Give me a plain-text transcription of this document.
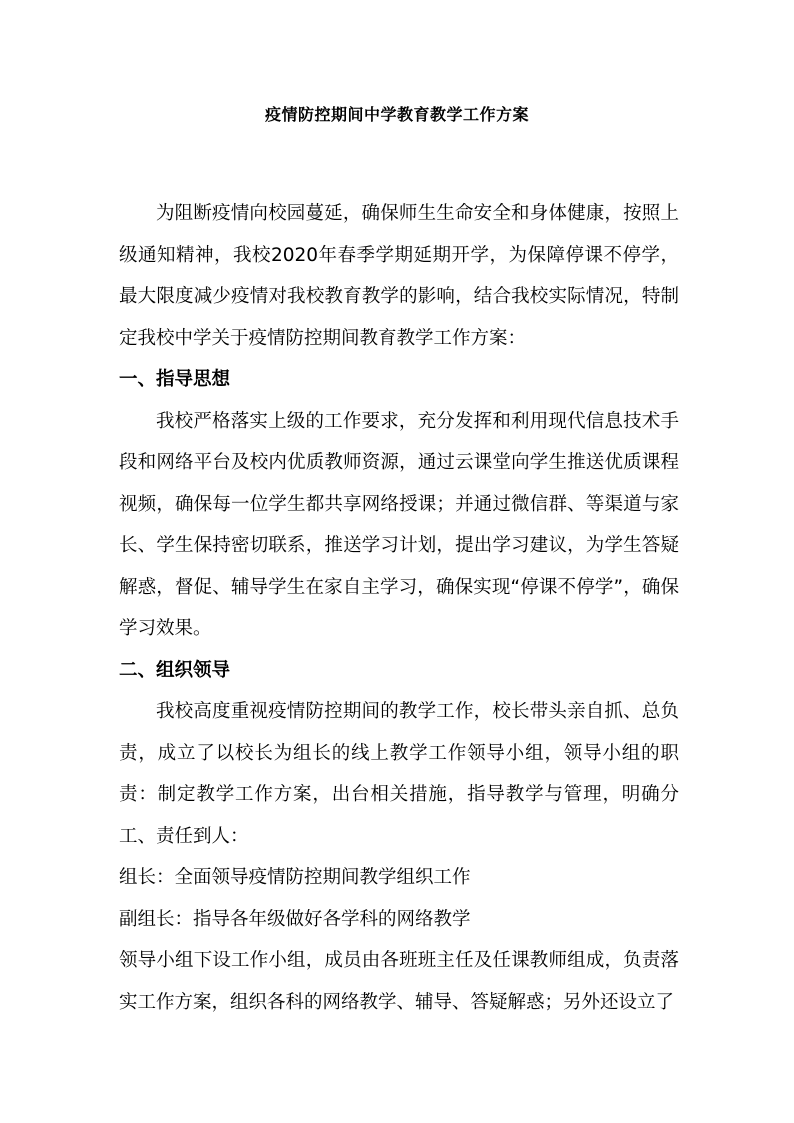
疫情防控期间中学教育教学工作方案

为阻断疫情向校园蔓延，确保师生生命安全和身体健康，按照上级通知精神，我校2020年春季学期延期开学，为保障停课不停学，最大限度减少疫情对我校教育教学的影响，结合我校实际情况，特制定我校中学关于疫情防控期间教育教学工作方案：

一、指导思想

我校严格落实上级的工作要求，充分发挥和利用现代信息技术手段和网络平台及校内优质教师资源，通过云课堂向学生推送优质课程视频，确保每一位学生都共享网络授课；并通过微信群、等渠道与家长、学生保持密切联系，推送学习计划，提出学习建议，为学生答疑解惑，督促、辅导学生在家自主学习，确保实现“停课不停学”，确保学习效果。

二、组织领导

我校高度重视疫情防控期间的教学工作，校长带头亲自抓、总负责，成立了以校长为组长的线上教学工作领导小组，领导小组的职责：制定教学工作方案，出台相关措施，指导教学与管理，明确分工、责任到人：

组长：全面领导疫情防控期间教学组织工作

副组长：指导各年级做好各学科的网络教学

领导小组下设工作小组，成员由各班班主任及任课教师组成，负责落实工作方案，组织各科的网络教学、辅导、答疑解惑；另外还设立了
